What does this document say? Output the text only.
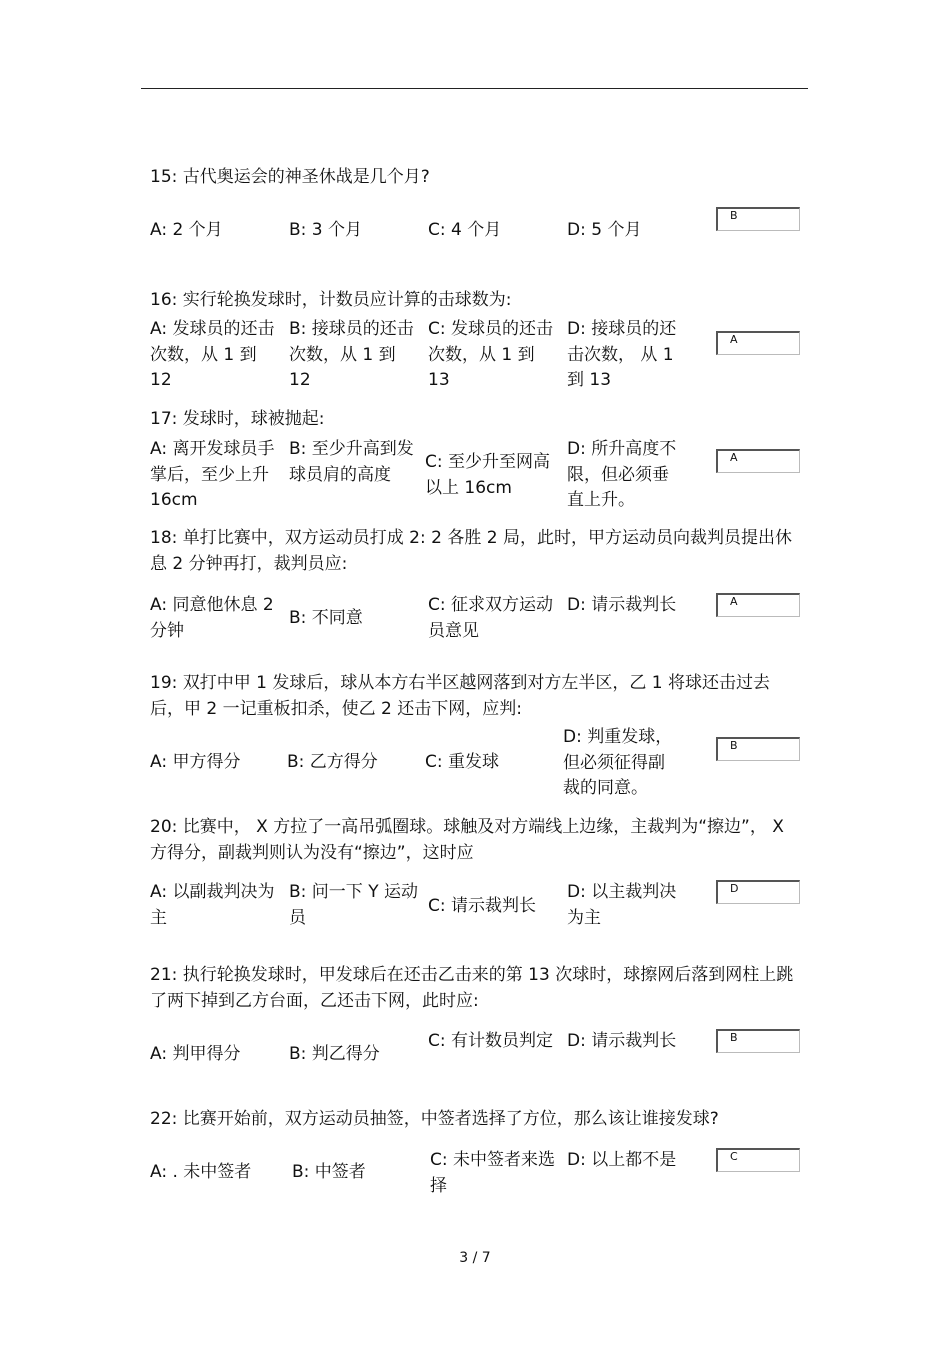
15: 古代奥运会的神圣休战是几个月?
A: 2 个月	B: 3 个月	C: 4 个月	D: 5 个月
B
16: 实行轮换发球时，计数员应计算的击球数为:
A: 发球员的还击次数，从 1 到 12
B: 接球员的还击次数，从 1 到 12
C: 发球员的还击次数，从 1 到 13
D: 接球员的还击次数， 从 1 到 13
A
17: 发球时，球被抛起:
A: 离开发球员手掌后，至少上升 16cm
B: 至少升高到发球员肩的高度
C: 至少升至网高以上 16cm
D: 所升高度不限，但必须垂直上升。
A
18: 单打比赛中，双方运动员打成 2: 2 各胜 2 局，此时，甲方运动员向裁判员提出休息 2 分钟再打，裁判员应:
A: 同意他休息 2 分钟
B: 不同意
C: 征求双方运动员意见
D: 请示裁判长	A
19: 双打中甲 1 发球后，球从本方右半区越网落到对方左半区，乙 1 将球还击过去后，甲 2 一记重板扣杀，使乙 2 还击下网，应判:
A: 甲方得分	B: 乙方得分	C: 重发球
D: 判重发球，但必须征得副裁的同意。
B
20: 比赛中， X 方拉了一高吊弧圈球。球触及对方端线上边缘，主裁判为“擦边”， X 方得分，副裁判则认为没有“擦边”，这时应
A: 以副裁判决为主
B: 问一下 Y 运动员
C: 请示裁判长
D: 以主裁判决为主
D
21: 执行轮换发球时，甲发球后在还击乙击来的第 13 次球时，球擦网后落到网柱上跳了两下掉到乙方台面，乙还击下网，此时应:
A: 判甲得分	B: 判乙得分
C: 有计数员判定 D: 请示裁判长	B
22: 比赛开始前，双方运动员抽签，中签者选择了方位，那么该让谁接发球?
A: . 未中签者	B: 中签者
C: 未中签者来选择
D: 以上都不是	C
3 / 7
